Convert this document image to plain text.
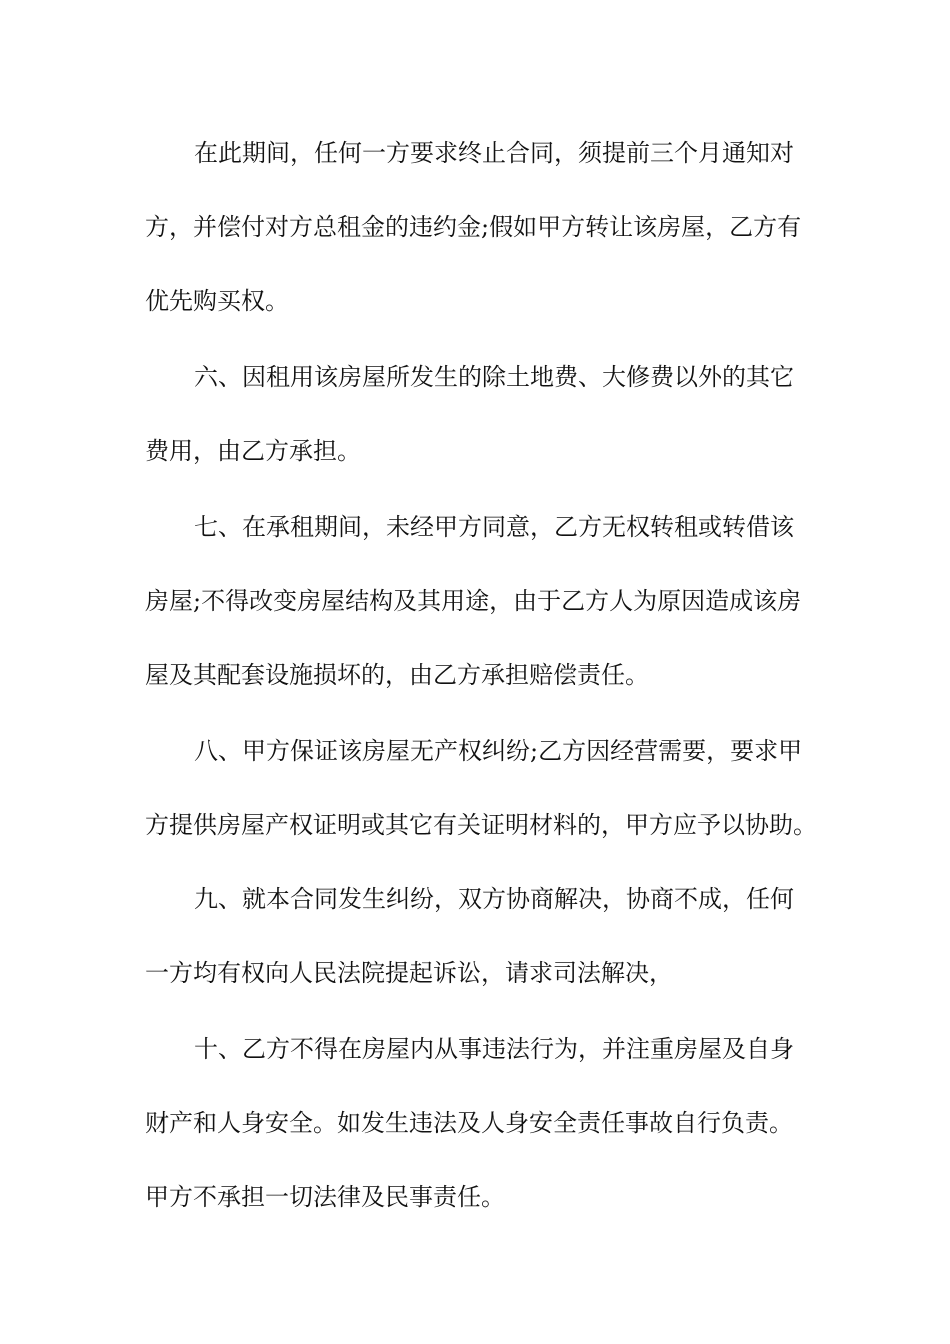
在此期间，任何一方要求终止合同，须提前三个月通知对
方，并偿付对方总租金的违约金;假如甲方转让该房屋，乙方有
优先购买权。
六、因租用该房屋所发生的除土地费、大修费以外的其它
费用，由乙方承担。
七、在承租期间，未经甲方同意，乙方无权转租或转借该
房屋;不得改变房屋结构及其用途，由于乙方人为原因造成该房
屋及其配套设施损坏的，由乙方承担赔偿责任。
八、甲方保证该房屋无产权纠纷;乙方因经营需要，要求甲
方提供房屋产权证明或其它有关证明材料的，甲方应予以协助。
九、就本合同发生纠纷，双方协商解决，协商不成，任何
一方均有权向人民法院提起诉讼，请求司法解决，
十、乙方不得在房屋内从事违法行为，并注重房屋及自身
财产和人身安全。如发生违法及人身安全责任事故自行负责。
甲方不承担一切法律及民事责任。
